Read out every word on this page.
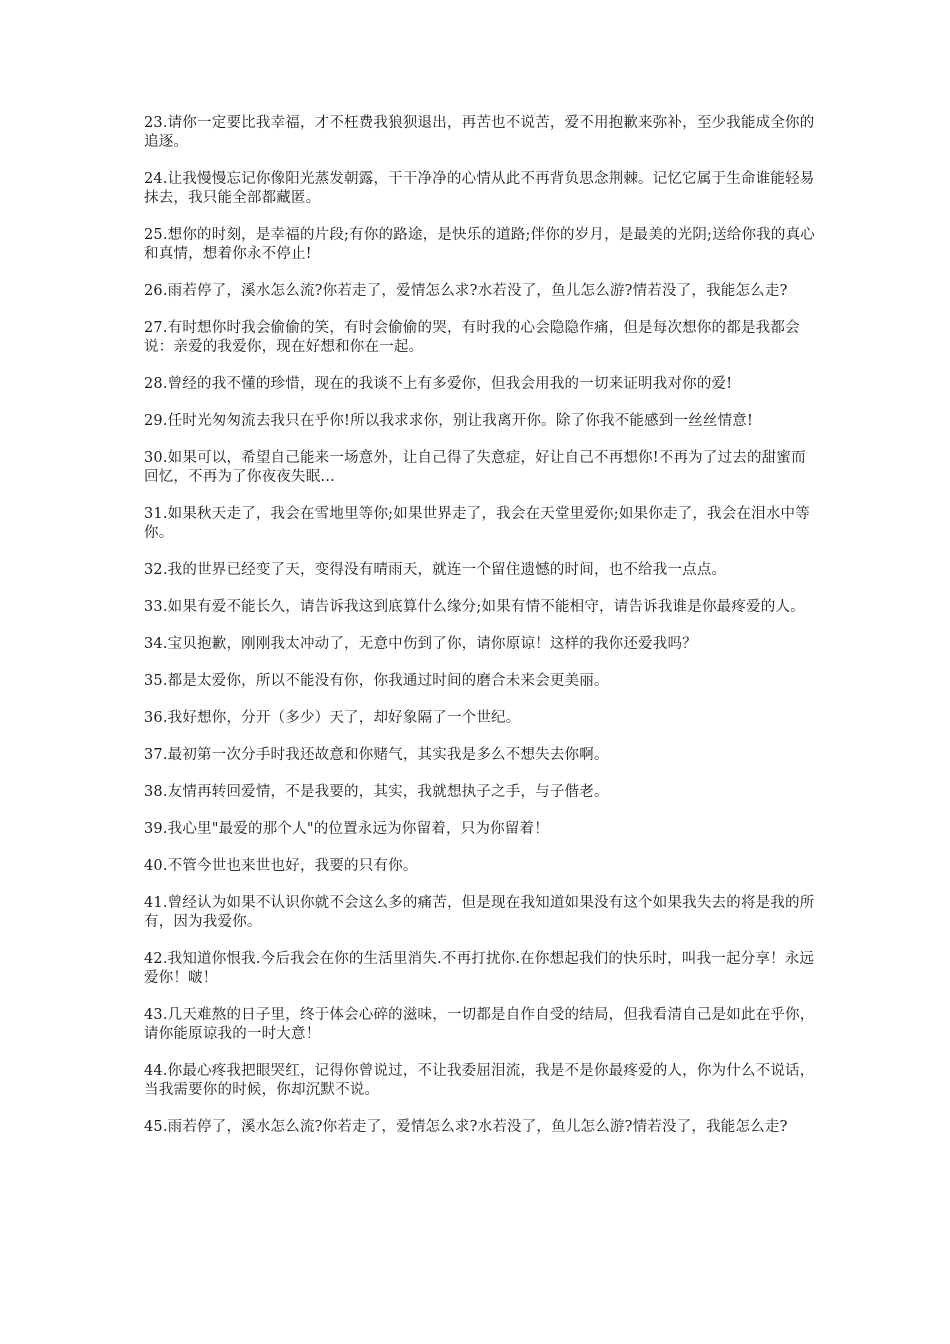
23.请你一定要比我幸福，才不枉费我狼狈退出，再苦也不说苦，爱不用抱歉来弥补，至少我能成全你的追逐。

24.让我慢慢忘记你像阳光蒸发朝露，干干净净的心情从此不再背负思念荆棘。记忆它属于生命谁能轻易抹去，我只能全部都藏匿。

25.想你的时刻，是幸福的片段;有你的路途，是快乐的道路;伴你的岁月，是最美的光阴;送给你我的真心和真情，想着你永不停止!

26.雨若停了，溪水怎么流?你若走了，爱情怎么求?水若没了，鱼儿怎么游?情若没了，我能怎么走?

27.有时想你时我会偷偷的笑，有时会偷偷的哭，有时我的心会隐隐作痛，但是每次想你的都是我都会说：亲爱的我爱你，现在好想和你在一起。

28.曾经的我不懂的珍惜，现在的我谈不上有多爱你，但我会用我的一切来证明我对你的爱!

29.任时光匆匆流去我只在乎你!所以我求求你，别让我离开你。除了你我不能感到一丝丝情意!

30.如果可以，希望自己能来一场意外，让自己得了失意症，好让自己不再想你!不再为了过去的甜蜜而回忆，不再为了你夜夜失眠…

31.如果秋天走了，我会在雪地里等你;如果世界走了，我会在天堂里爱你;如果你走了，我会在泪水中等你。

32.我的世界已经变了天，变得没有晴雨天，就连一个留住遗憾的时间，也不给我一点点。

33.如果有爱不能长久，请告诉我这到底算什么缘分;如果有情不能相守，请告诉我谁是你最疼爱的人。

34.宝贝抱歉，刚刚我太冲动了，无意中伤到了你，请你原谅！这样的我你还爱我吗？

35.都是太爱你，所以不能没有你，你我通过时间的磨合未来会更美丽。

36.我好想你，分开（多少）天了，却好象隔了一个世纪。

37.最初第一次分手时我还故意和你赌气，其实我是多么不想失去你啊。

38.友情再转回爱情，不是我要的，其实，我就想执子之手，与子偕老。

39.我心里"最爱的那个人"的位置永远为你留着，只为你留着！

40.不管今世也来世也好，我要的只有你。

41.曾经认为如果不认识你就不会这么多的痛苦，但是现在我知道如果没有这个如果我失去的将是我的所有，因为我爱你。

42.我知道你恨我.今后我会在你的生活里消失.不再打扰你.在你想起我们的快乐时，叫我一起分享！永远爱你！啵！

43.几天难熬的日子里，终于体会心碎的滋味，一切都是自作自受的结局，但我看清自己是如此在乎你，请你能原谅我的一时大意！

44.你最心疼我把眼哭红，记得你曾说过，不让我委屈泪流，我是不是你最疼爱的人，你为什么不说话，当我需要你的时候，你却沉默不说。

45.雨若停了，溪水怎么流?你若走了，爱情怎么求?水若没了，鱼儿怎么游?情若没了，我能怎么走?
